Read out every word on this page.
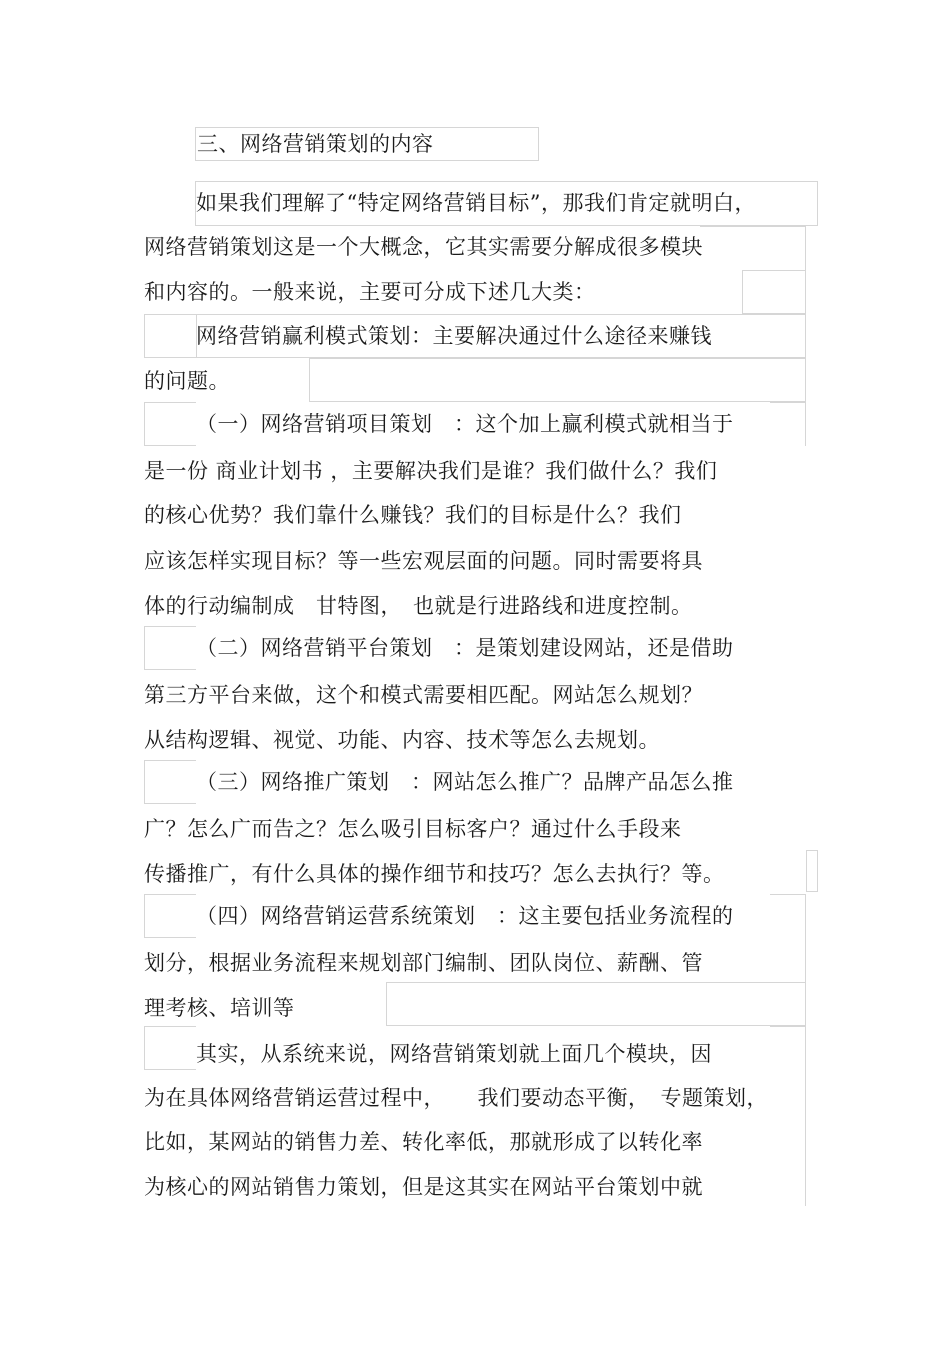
三、网络营销策划的内容
如果我们理解了“特定网络营销目标”，那我们肯定就明白，
网络营销策划这是一个大概念，它其实需要分解成很多模块
和内容的。一般来说，主要可分成下述几大类：
网络营销赢利模式策划：主要解决通过什么途径来赚钱
的问题。
（一）网络营销项目策划　：这个加上赢利模式就相当于
是一份 商业计划书 ，主要解决我们是谁？我们做什么？我们
的核心优势？我们靠什么赚钱？我们的目标是什么？我们
应该怎样实现目标？等一些宏观层面的问题。同时需要将具
体的行动编制成　甘特图，　也就是行进路线和进度控制。
（二）网络营销平台策划　：是策划建设网站，还是借助
第三方平台来做，这个和模式需要相匹配。网站怎么规划？
从结构逻辑、视觉、功能、内容、技术等怎么去规划。
（三）网络推广策划　：网站怎么推广？品牌产品怎么推
广？怎么广而告之？怎么吸引目标客户？通过什么手段来
传播推广，有什么具体的操作细节和技巧？怎么去执行？等。
（四）网络营销运营系统策划　：这主要包括业务流程的
划分，根据业务流程来规划部门编制、团队岗位、薪酬、管
理考核、培训等
其实，从系统来说，网络营销策划就上面几个模块，因
为在具体网络营销运营过程中，　　我们要动态平衡，　专题策划，
比如，某网站的销售力差、转化率低，那就形成了以转化率
为核心的网站销售力策划，但是这其实在网站平台策划中就
